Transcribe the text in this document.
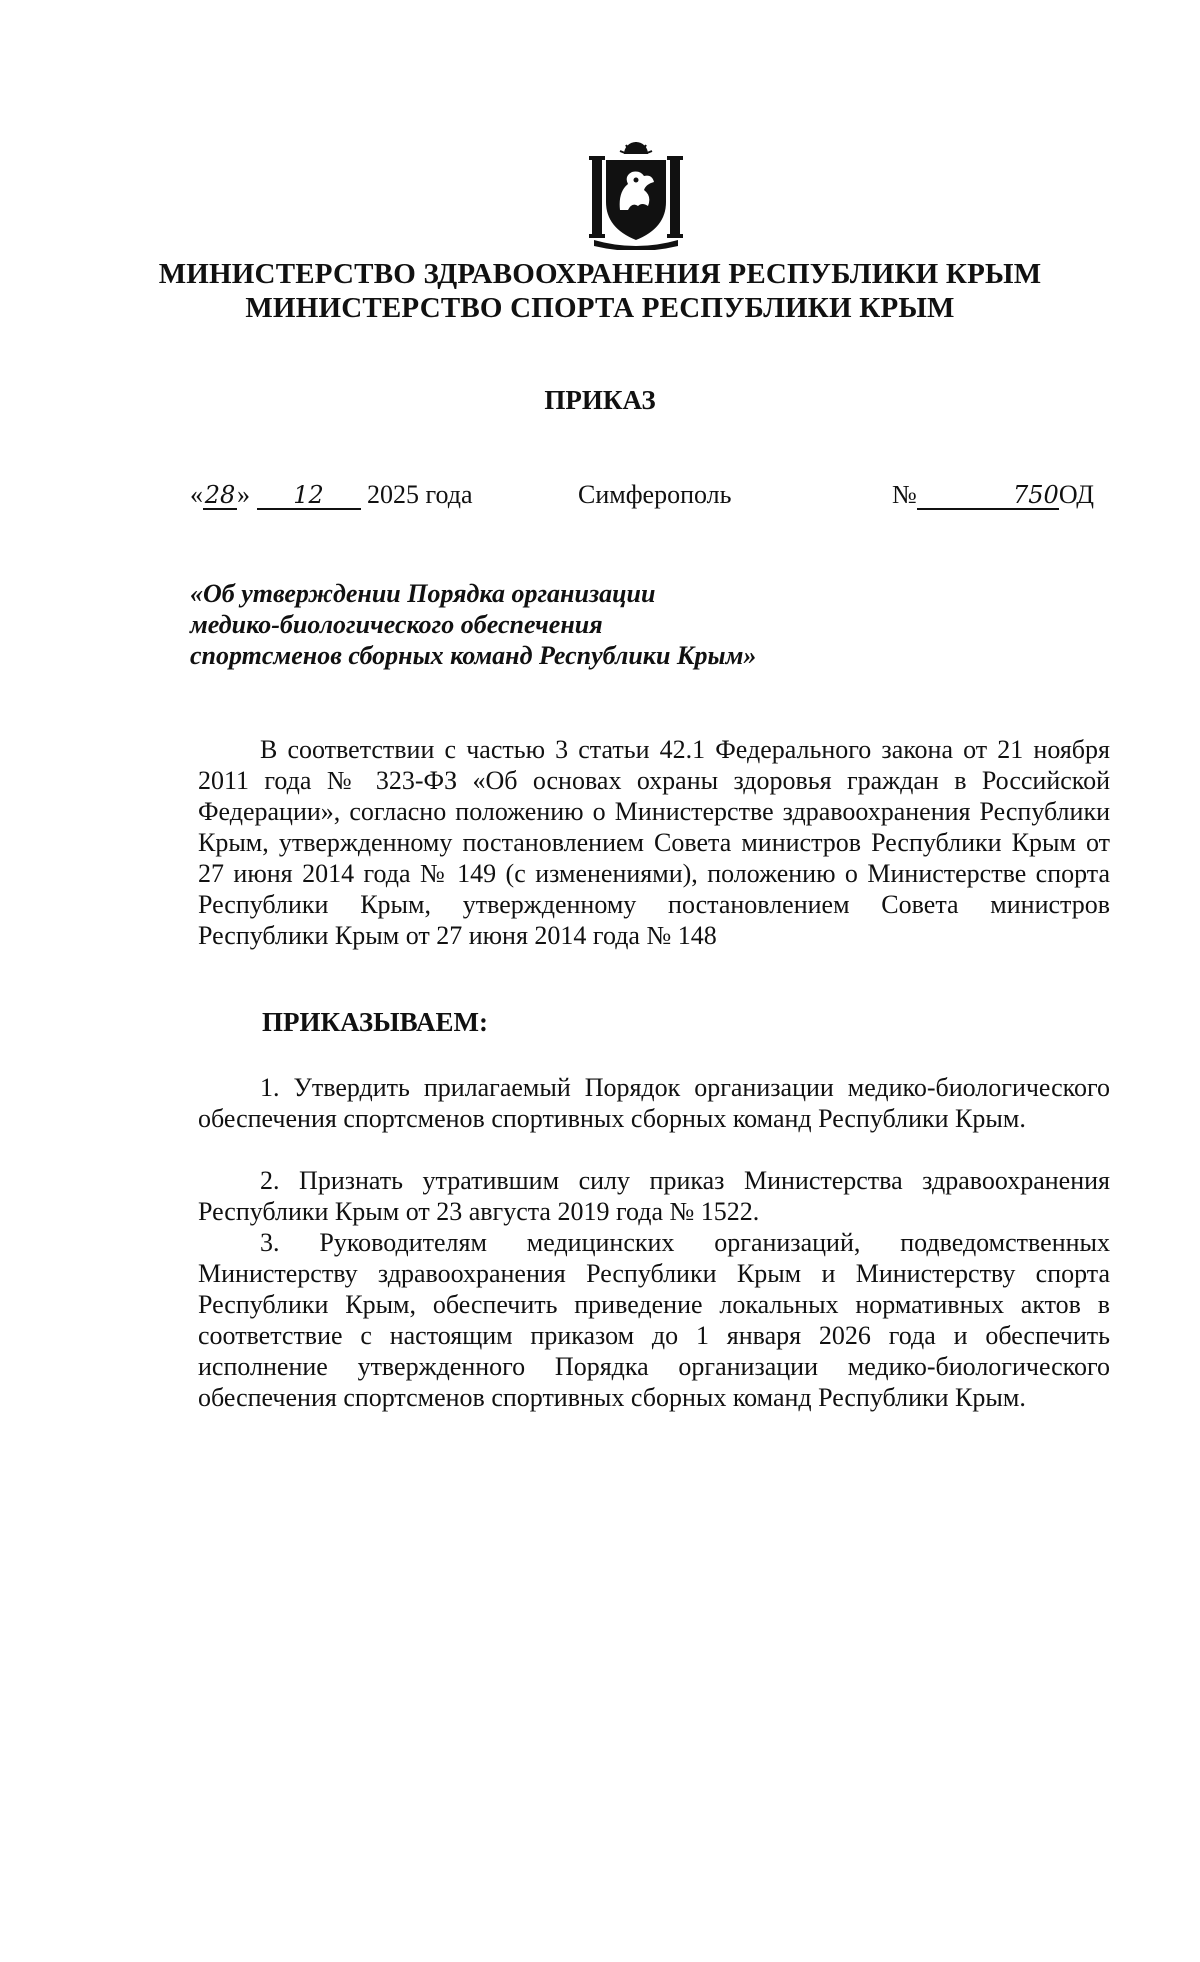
МИНИСТЕРСТВО ЗДРАВООХРАНЕНИЯ РЕСПУБЛИКИ КРЫМ
МИНИСТЕРСТВО СПОРТА РЕСПУБЛИКИ КРЫМ
ПРИКАЗ
«28» 12 2025 года	Симферополь	№	750ОД
«Об утверждении Порядка организации
медико-биологического обеспечения
спортсменов сборных команд Республики Крым»

В соответствии с частью 3 статьи 42.1 Федерального закона от 21 ноября 2011 года № 323-ФЗ «Об основах охраны здоровья граждан в Российской Федерации», согласно положению о Министерстве здравоохранения Республики Крым, утвержденному постановлением Совета министров Республики Крым от 27 июня 2014 года № 149 (с изменениями), положению о Министерстве спорта Республики Крым, утвержденному постановлением Совета министров Республики Крым от 27 июня 2014 года № 148

ПРИКАЗЫВАЕМ:

1. Утвердить прилагаемый Порядок организации медико-биологического обеспечения спортсменов спортивных сборных команд Республики Крым.

2. Признать утратившим силу приказ Министерства здравоохранения Республики Крым от 23 августа 2019 года № 1522.

3. Руководителям медицинских организаций, подведомственных Министерству здравоохранения Республики Крым и Министерству спорта Республики Крым, обеспечить приведение локальных нормативных актов в соответствие с настоящим приказом до 1 января 2026 года и обеспечить исполнение утвержденного Порядка организации медико-биологического обеспечения спортсменов спортивных сборных команд Республики Крым.
